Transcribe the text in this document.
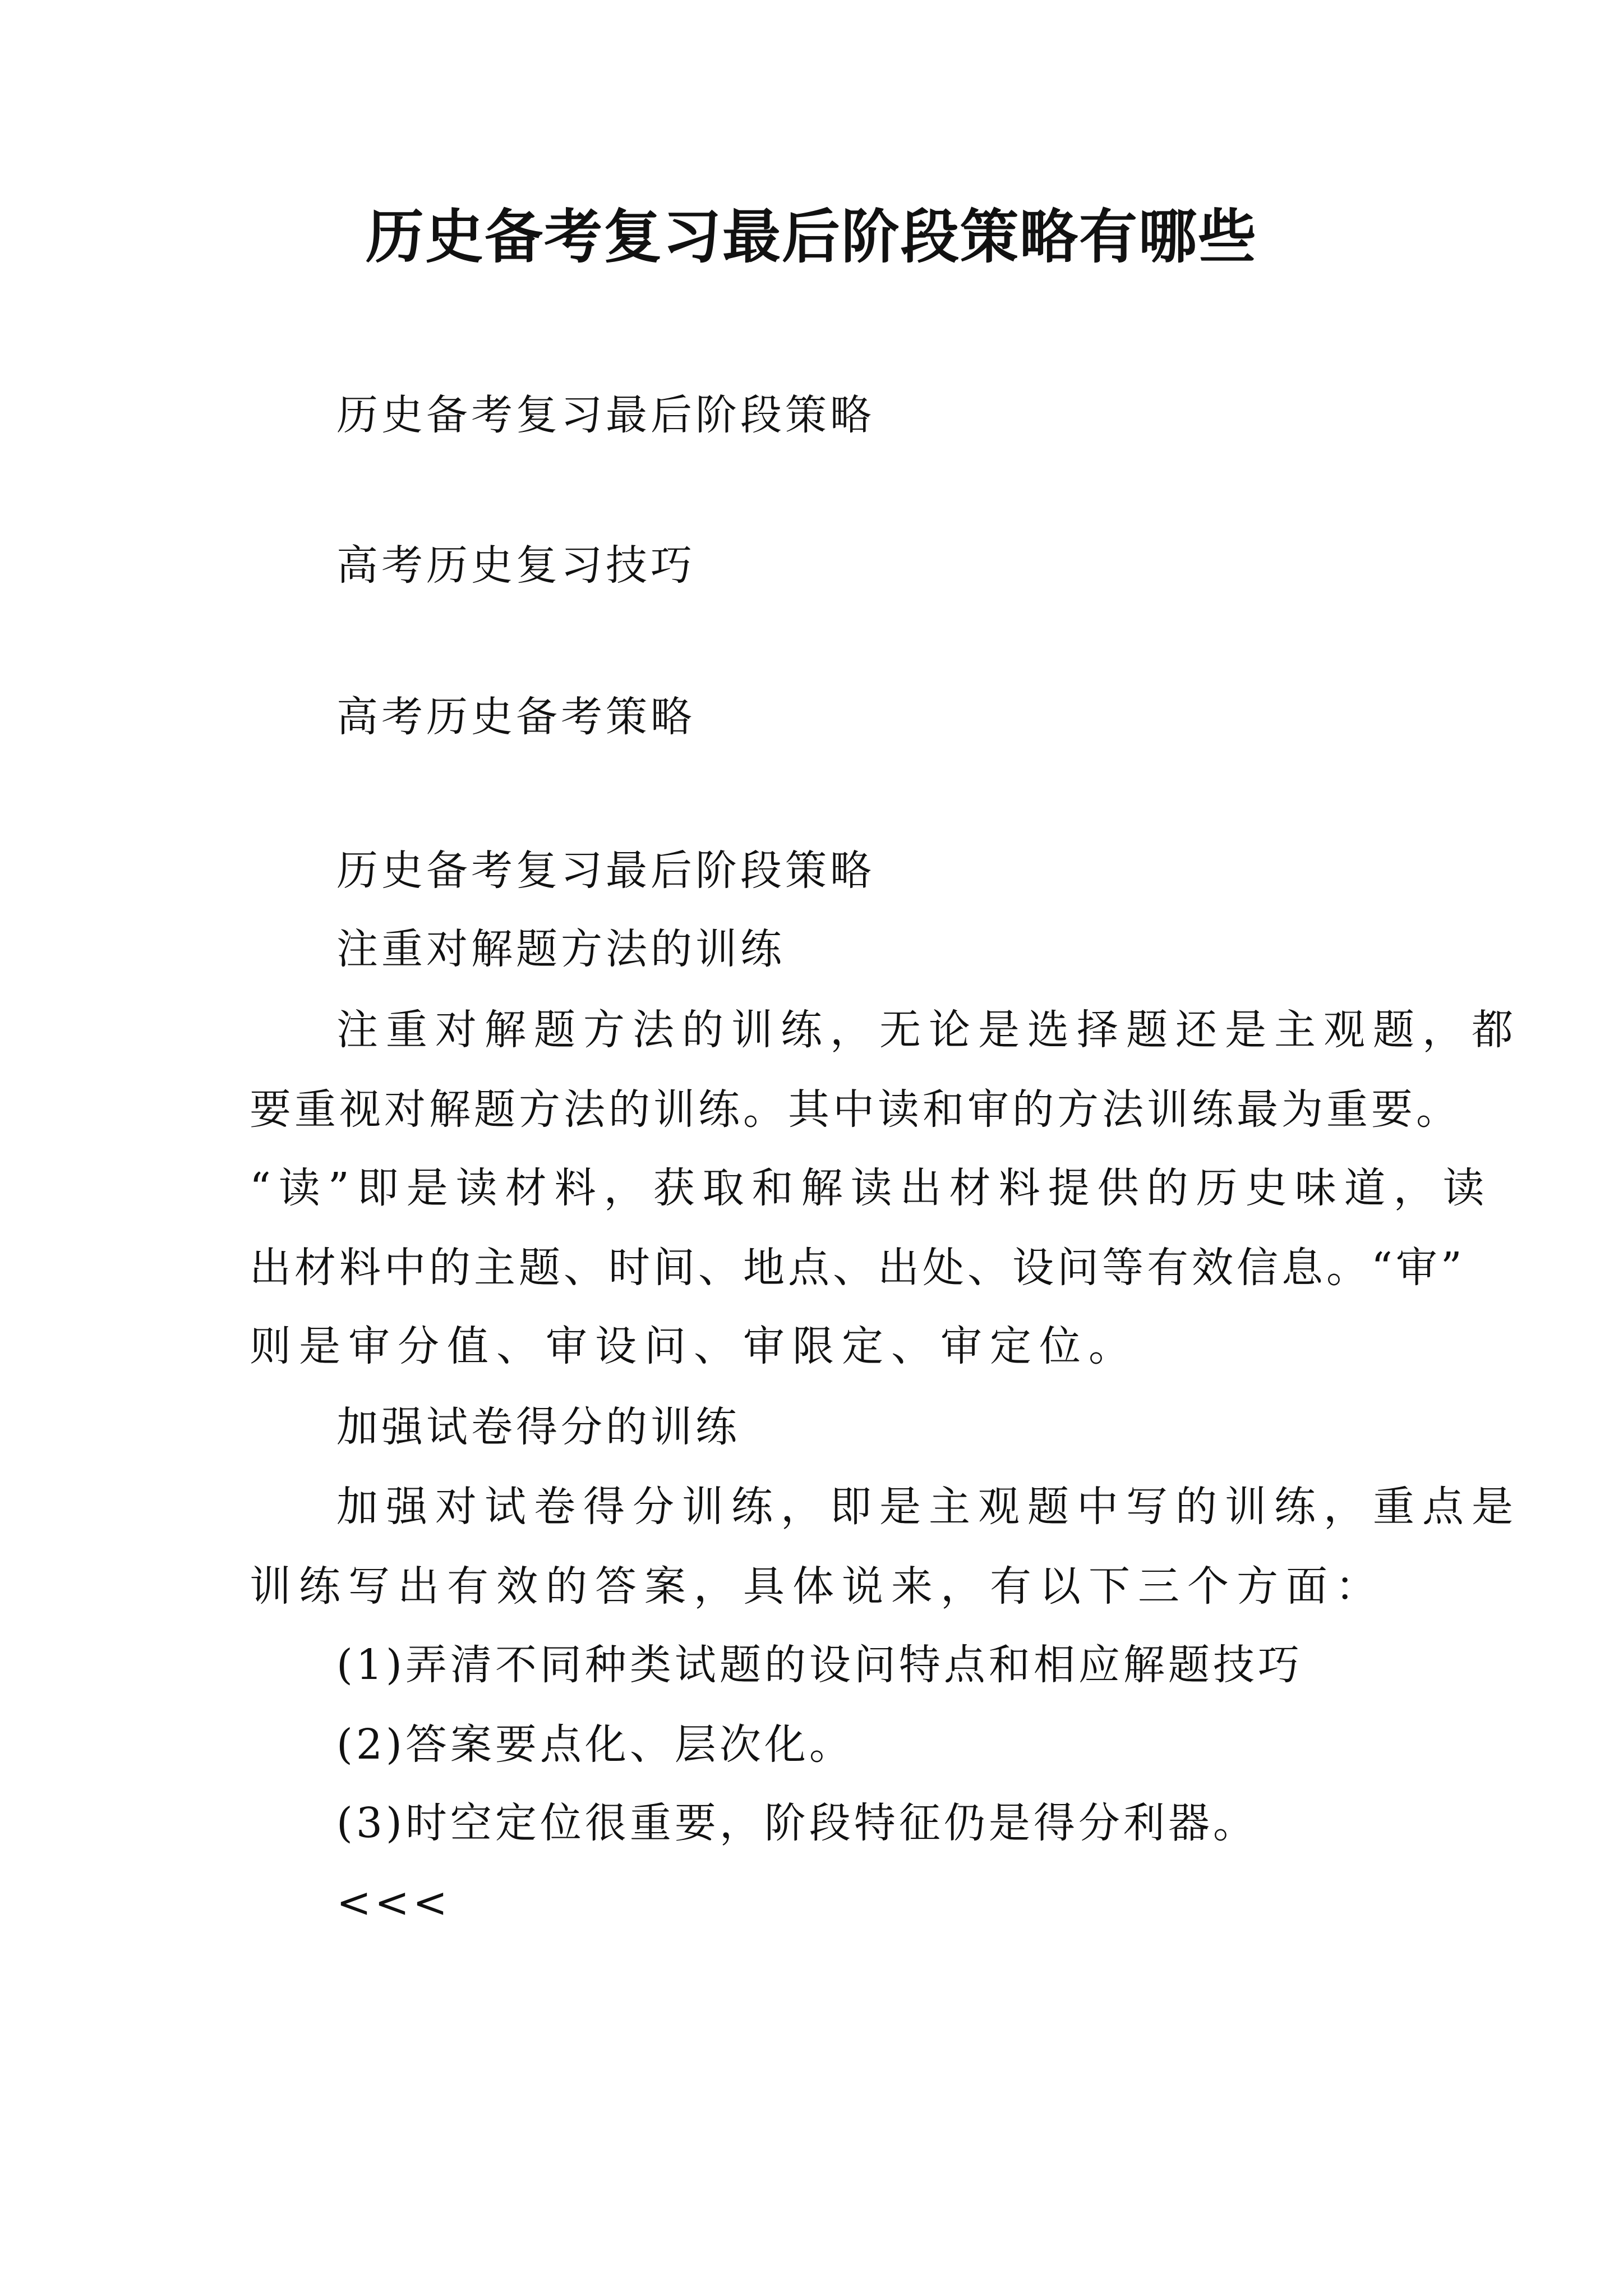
历史备考复习最后阶段策略有哪些
历史备考复习最后阶段策略
高考历史复习技巧
高考历史备考策略
历史备考复习最后阶段策略
注重对解题方法的训练
注重对解题方法的训练，无论是选择题还是主观题，都
要重视对解题方法的训练。其中读和审的方法训练最为重要。
“读”即是读材料，获取和解读出材料提供的历史味道，读
出材料中的主题、时间、地点、出处、设问等有效信息。“审”
则是审分值、审设问、审限定、审定位。
加强试卷得分的训练
加强对试卷得分训练，即是主观题中写的训练，重点是
训练写出有效的答案，具体说来，有以下三个方面：
(1)弄清不同种类试题的设问特点和相应解题技巧
(2)答案要点化、层次化。
(3)时空定位很重要，阶段特征仍是得分利器。
<<<
